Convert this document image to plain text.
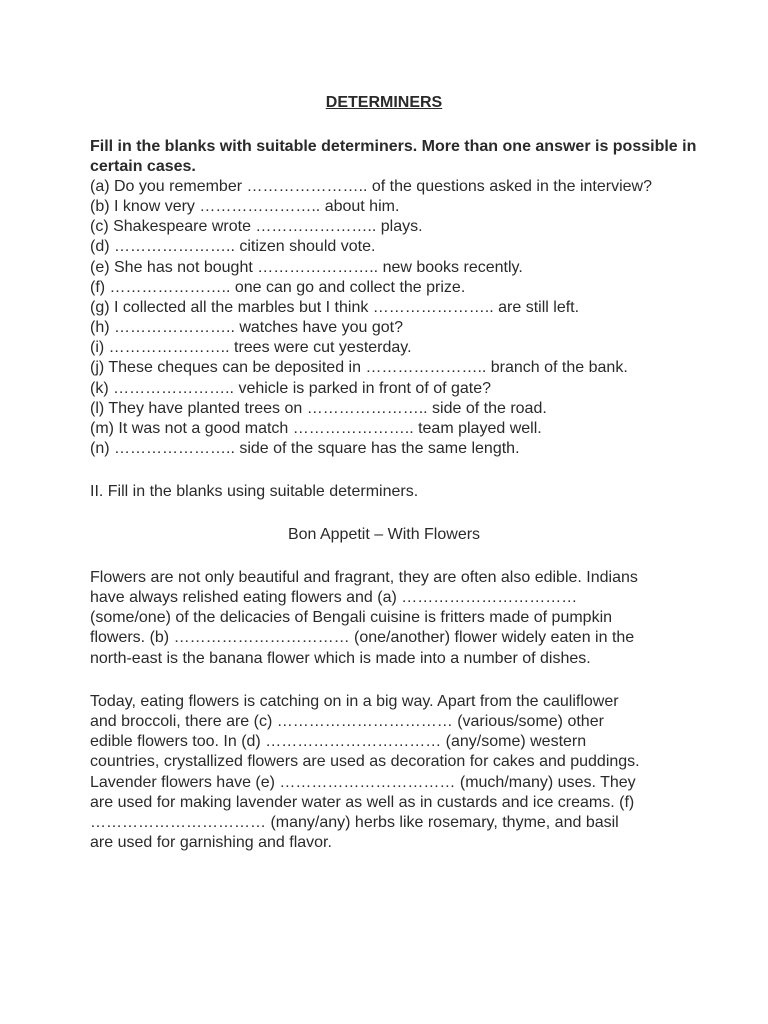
DETERMINERS
Fill in the blanks with suitable determiners. More than one answer is possible in certain cases.
(a) Do you remember ………………….. of the questions asked in the interview?
(b) I know very ………………….. about him.
(c) Shakespeare wrote ………………….. plays.
(d) ………………….. citizen should vote.
(e) She has not bought ………………….. new books recently.
(f) ………………….. one can go and collect the prize.
(g) I collected all the marbles but I think ………………….. are still left.
(h) ………………….. watches have you got?
(i) ………………….. trees were cut yesterday.
(j) These cheques can be deposited in ………………….. branch of the bank.
(k) ………………….. vehicle is parked in front of of gate?
(l) They have planted trees on ………………….. side of the road.
(m) It was not a good match ………………….. team played well.
(n) ………………….. side of the square has the same length.
II. Fill in the blanks using suitable determiners.
Bon Appetit – With Flowers
Flowers are not only beautiful and fragrant, they are often also edible. Indians
have always relished eating flowers and (a) ……………………………
(some/one) of the delicacies of Bengali cuisine is fritters made of pumpkin
flowers. (b) …………………………… (one/another) flower widely eaten in the
north-east is the banana flower which is made into a number of dishes.
Today, eating flowers is catching on in a big way. Apart from the cauliflower
and broccoli, there are (c) …………………………… (various/some) other
edible flowers too. In (d) …………………………… (any/some) western
countries, crystallized flowers are used as decoration for cakes and puddings.
Lavender flowers have (e) …………………………… (much/many) uses. They
are used for making lavender water as well as in custards and ice creams. (f)
…………………………… (many/any) herbs like rosemary, thyme, and basil
are used for garnishing and flavor.
